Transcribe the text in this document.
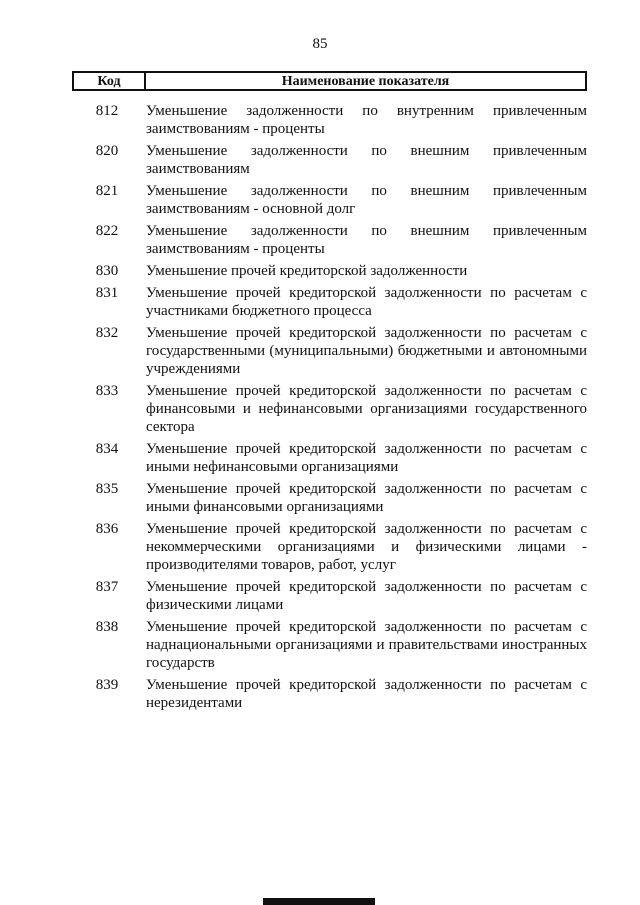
85
Код	Наименование показателя
812	Уменьшение задолженности по внутренним привлеченным заимствованиям - проценты
820	Уменьшение задолженности по внешним привлеченным заимствованиям
821	Уменьшение задолженности по внешним привлеченным заимствованиям - основной долг
822	Уменьшение задолженности по внешним привлеченным заимствованиям - проценты
830	Уменьшение прочей кредиторской задолженности
831	Уменьшение прочей кредиторской задолженности по расчетам с участниками бюджетного процесса
832	Уменьшение прочей кредиторской задолженности по расчетам с государственными (муниципальными) бюджетными и автономными учреждениями
833	Уменьшение прочей кредиторской задолженности по расчетам с финансовыми и нефинансовыми организациями государственного сектора
834	Уменьшение прочей кредиторской задолженности по расчетам с иными нефинансовыми организациями
835	Уменьшение прочей кредиторской задолженности по расчетам с иными финансовыми организациями
836	Уменьшение прочей кредиторской задолженности по расчетам с некоммерческими организациями и физическими лицами - производителями товаров, работ, услуг
837	Уменьшение прочей кредиторской задолженности по расчетам с физическими лицами
838	Уменьшение прочей кредиторской задолженности по расчетам с наднациональными организациями и правительствами иностранных государств
839	Уменьшение прочей кредиторской задолженности по расчетам с нерезидентами
